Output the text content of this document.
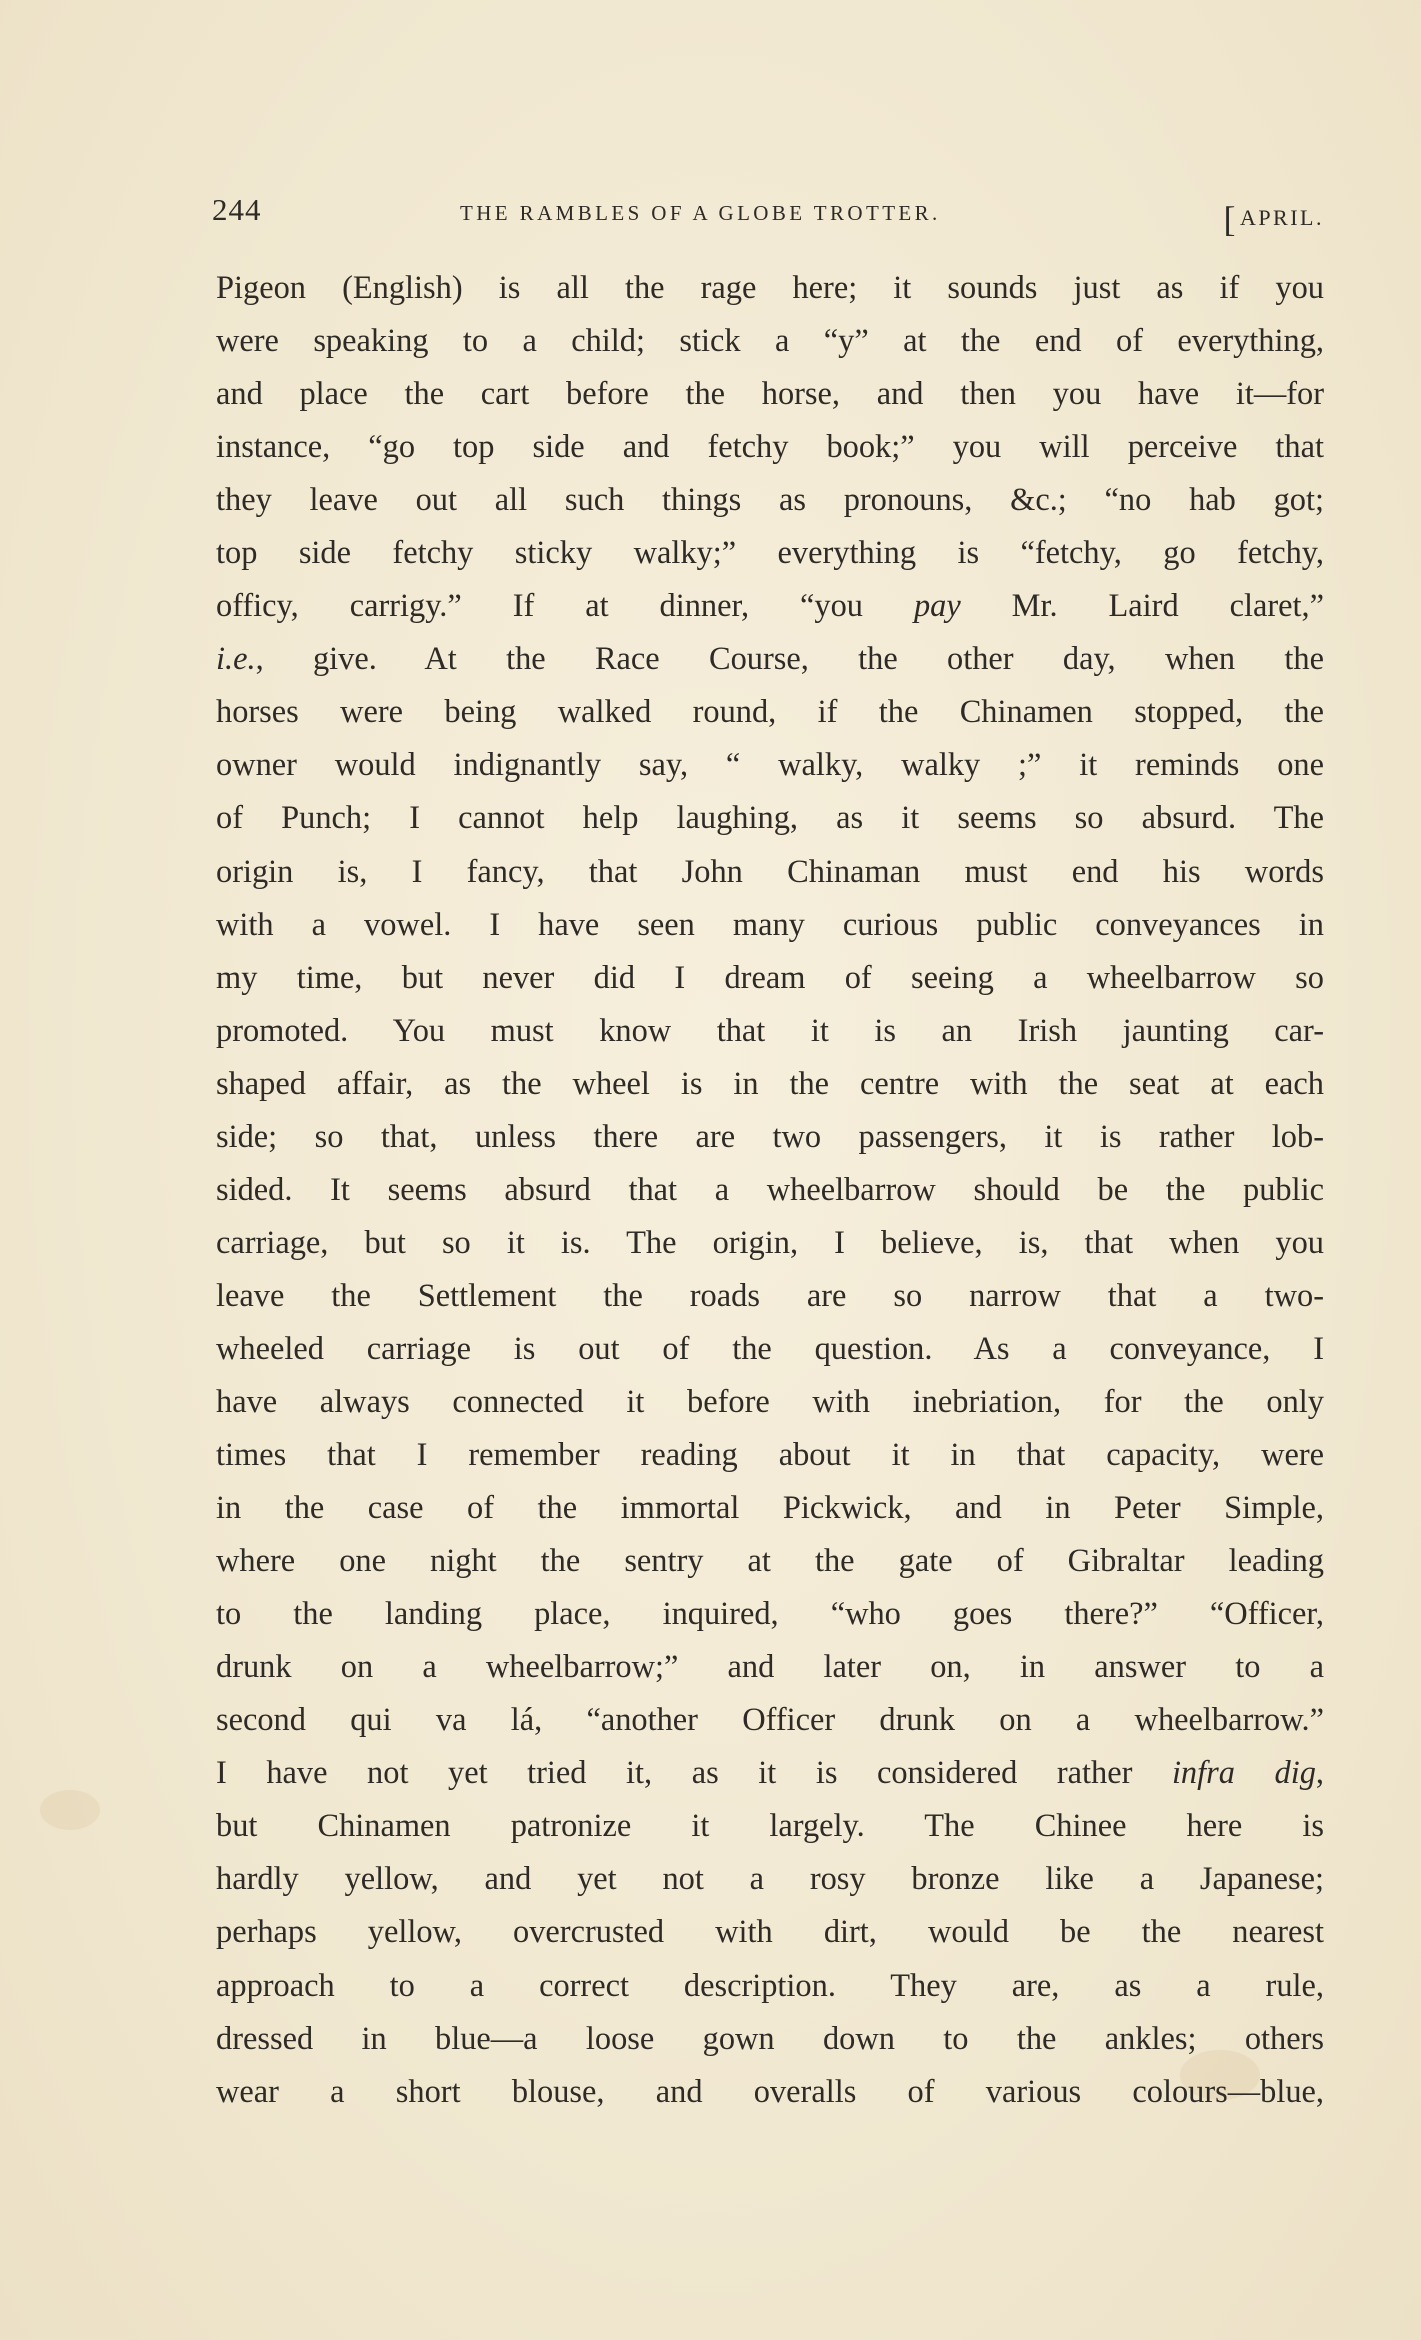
244	THE RAMBLES OF A GLOBE TROTTER.	[APRIL.
Pigeon (English) is all the rage here; it sounds just as if you
were speaking to a child; stick a “y” at the end of everything,
and place the cart before the horse, and then you have it—for
instance, “go top side and fetchy book;” you will perceive that
they leave out all such things as pronouns, &c.; “no hab got;
top side fetchy sticky walky;” everything is “fetchy, go fetchy,
officy, carrigy.” If at dinner, “you pay Mr. Laird claret,”
i.e., give. At the Race Course, the other day, when the
horses were being walked round, if the Chinamen stopped, the
owner would indignantly say, “ walky, walky ;” it reminds one
of Punch; I cannot help laughing, as it seems so absurd. The
origin is, I fancy, that John Chinaman must end his words
with a vowel. I have seen many curious public conveyances in
my time, but never did I dream of seeing a wheelbarrow so
promoted. You must know that it is an Irish jaunting car-
shaped affair, as the wheel is in the centre with the seat at each
side; so that, unless there are two passengers, it is rather lob-
sided. It seems absurd that a wheelbarrow should be the public
carriage, but so it is. The origin, I believe, is, that when you
leave the Settlement the roads are so narrow that a two-
wheeled carriage is out of the question. As a conveyance, I
have always connected it before with inebriation, for the only
times that I remember reading about it in that capacity, were
in the case of the immortal Pickwick, and in Peter Simple,
where one night the sentry at the gate of Gibraltar leading
to the landing place, inquired, “who goes there?” “Officer,
drunk on a wheelbarrow;” and later on, in answer to a
second qui va lá, “another Officer drunk on a wheelbarrow.”
I have not yet tried it, as it is considered rather infra dig,
but Chinamen patronize it largely. The Chinee here is
hardly yellow, and yet not a rosy bronze like a Japanese;
perhaps yellow, overcrusted with dirt, would be the nearest
approach to a correct description. They are, as a rule,
dressed in blue—a loose gown down to the ankles; others
wear a short blouse, and overalls of various colours—blue,
